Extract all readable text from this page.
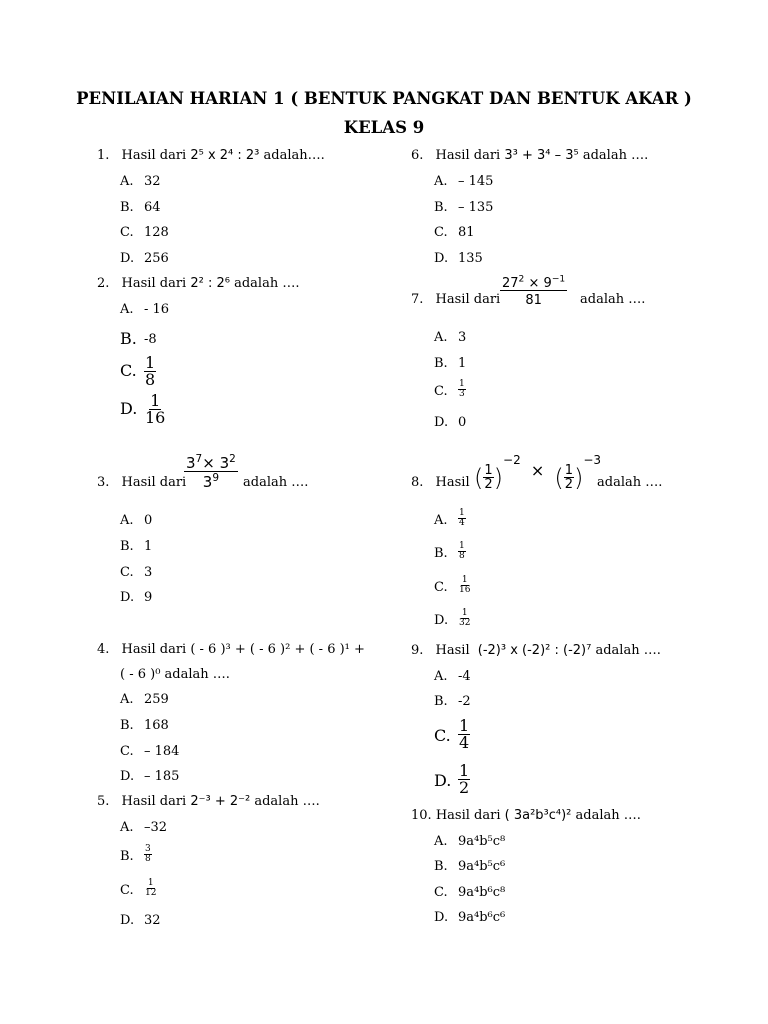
PENILAIAN HARIAN 1 ( BENTUK PANGKAT DAN BENTUK AKAR )
KELAS 9
1. Hasil dari 2⁵ x 2⁴ : 2³ adalah….
A. 32
B. 64
C. 128
D. 256
2. Hasil dari 2² : 2⁶ adalah ….
A. - 16
B. -8
C. $\frac{1}{8}$
D. $\frac{1}{16}$
3. Hasil dari	adalah ….
$\frac{3^7\times 3^2}{3^9}$
A. 0
B. 1
C. 3
D. 9
4. Hasil dari ( - 6 )³ + ( - 6 )² + ( - 6 )¹ +
( - 6 )⁰ adalah ….
A. 259
B. 168
C. – 184
D. – 185
5. Hasil dari 2⁻³ + 2⁻² adalah ….
A. –32
B. $\frac{3}{8}$
C. $\frac{1}{12}$
D. 32
6. Hasil dari 3³ + 3⁴ – 3⁵ adalah ….
A. – 145
B. – 135
C. 81
D. 135
7. Hasil dari	adalah ….
$\frac{27^2 \times 9^{-1}}{81}$
A. 3
B. 1
C. $\frac{1}{3}$
D. 0
8. Hasil	adalah ….
( $\frac{1}{2}$ )
$^{-2}$ × ( $\frac{1}{2}$ )
$^{-3}$
A. $\frac{1}{4}$
B. $\frac{1}{8}$
C. $\frac{1}{16}$
D. $\frac{1}{32}$
9. Hasil (-2)³ x (-2)² : (-2)⁷ adalah ….
A. -4
B. -2
C. $\frac{1}{4}$
D. $\frac{1}{2}$
10. Hasil dari ( 3a²b³c⁴)² adalah ….
A. 9a⁴b⁵c⁸
B. 9a⁴b⁵c⁶
C. 9a⁴b⁶c⁸
D. 9a⁴b⁶c⁶
